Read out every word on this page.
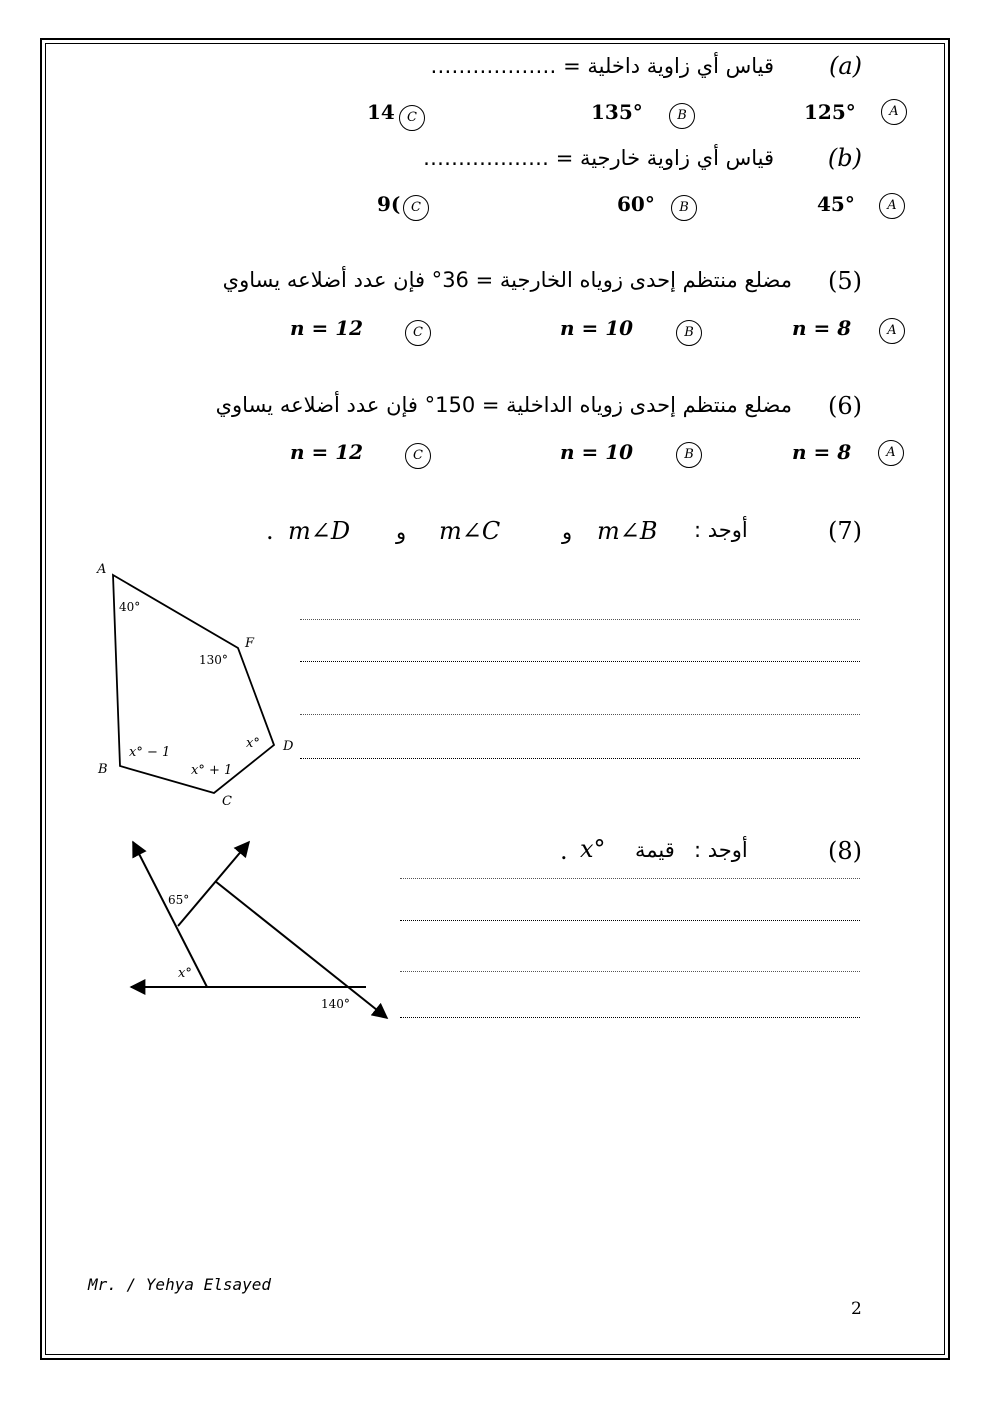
(a)
قياس أي زاوية داخلية = ………………
A
125°
B
135°
C
14
(b)
قياس أي زاوية خارجية = ………………
A
45°
B
60°
C
9(
(5)
مضلع منتظم إحدى زوياه الخارجية = 36° فإن عدد أضلاعه يساوي
A
n = 8
B
n = 10
C
n = 12
(6)
مضلع منتظم إحدى زوياه الداخلية = 150° فإن عدد أضلاعه يساوي
A
n = 8
B
n = 10
C
n = 12
(7)
أوجد :
m∠B
و
m∠C
و
m∠D
.
A
F
D
C
B
40°
130°
x°
x° − 1
x° + 1
(8)
أوجد :
قيمة
x°
.
65°
x°
140°
Mr. / Yehya Elsayed
2
